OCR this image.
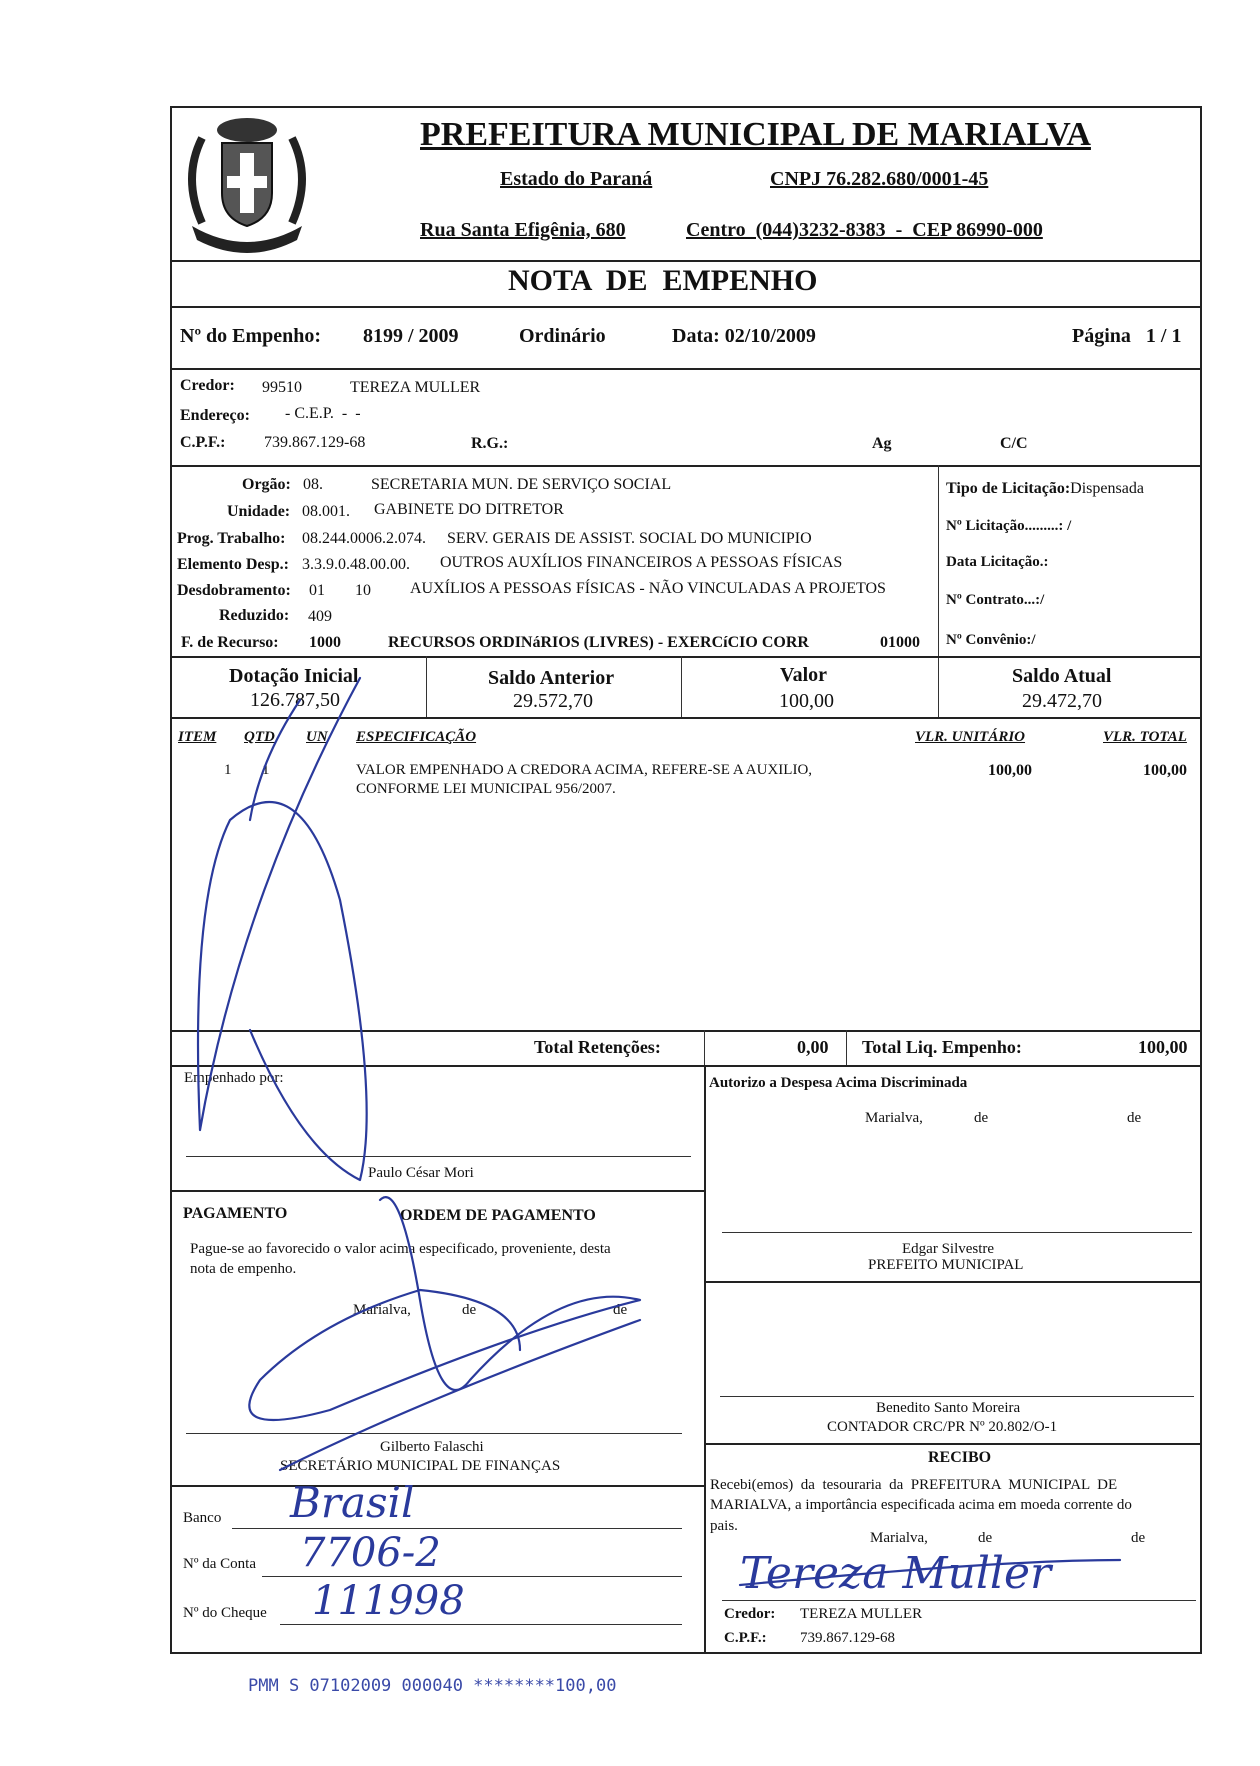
PREFEITURA MUNICIPAL DE MARIALVA
Estado do Paraná	CNPJ 76.282.680/0001-45
Rua Santa Efigênia, 680	Centro  (044)3232-8383  -  CEP 86990-000
NOTA  DE  EMPENHO
Nº do Empenho: 8199 / 2009	Ordinário	Data: 02/10/2009	Página   1 / 1
Credor: 99510	TEREZA MULLER
Endereço: - C.E.P.  -  -
C.P.F.: 739.867.129-68	R.G.:	Ag	C/C
Orgão: 08.	SECRETARIA MUN. DE SERVIÇO SOCIAL
Unidade: 08.001. GABINETE DO DITRETOR
Prog. Trabalho: 08.244.0006.2.074. SERV. GERAIS DE ASSIST. SOCIAL DO MUNICIPIO
Elemento Desp.: 3.3.9.0.48.00.00. OUTROS AUXÍLIOS FINANCEIROS A PESSOAS FÍSICAS
Desdobramento: 01 10 AUXÍLIOS A PESSOAS FÍSICAS - NÃO VINCULADAS A PROJETOS
Reduzido: 409
F. de Recurso: 1000	RECURSOS ORDINáRIOS (LIVRES) - EXERCíCIO CORR	01000
Tipo de Licitação:Dispensada
Nº Licitação.........: /
Data Licitação.:
Nº Contrato...:/
Nº Convênio:/
Dotação Inicial
126.787,50
Saldo Anterior
29.572,70
Valor
100,00
Saldo Atual
29.472,70
ITEM QTD UN ESPECIFICAÇÃO	VLR. UNITÁRIO	VLR. TOTAL
1 1	VALOR EMPENHADO A CREDORA ACIMA, REFERE-SE A AUXILIO,
CONFORME LEI MUNICIPAL 956/2007.
100,00	100,00
Total Retenções:	0,00 Total Liq. Empenho:	100,00
Empenhado por:
Paulo César Mori
Autorizo a Despesa Acima Discriminada
Marialva,	de	de
Edgar Silvestre
PREFEITO MUNICIPAL
PAGAMENTO	ORDEM DE PAGAMENTO
Pague-se ao favorecido o valor acima especificado, proveniente, desta
nota de empenho.
Marialva,	de	de
Gilberto Falaschi
SECRETÁRIO MUNICIPAL DE FINANÇAS
Benedito Santo Moreira
CONTADOR CRC/PR Nº 20.802/O-1
Banco Brasil
Nº da Conta 7706-2
Nº do Cheque 111998
RECIBO
Recebi(emos)  da  tesouraria  da  PREFEITURA  MUNICIPAL  DE
MARIALVA, a importância especificada acima em moeda corrente do
pais.
Marialva,	de	de
Tereza Muller
Credor: TEREZA MULLER
C.P.F.: 739.867.129-68
PMM S 07102009 000040 ********100,00
